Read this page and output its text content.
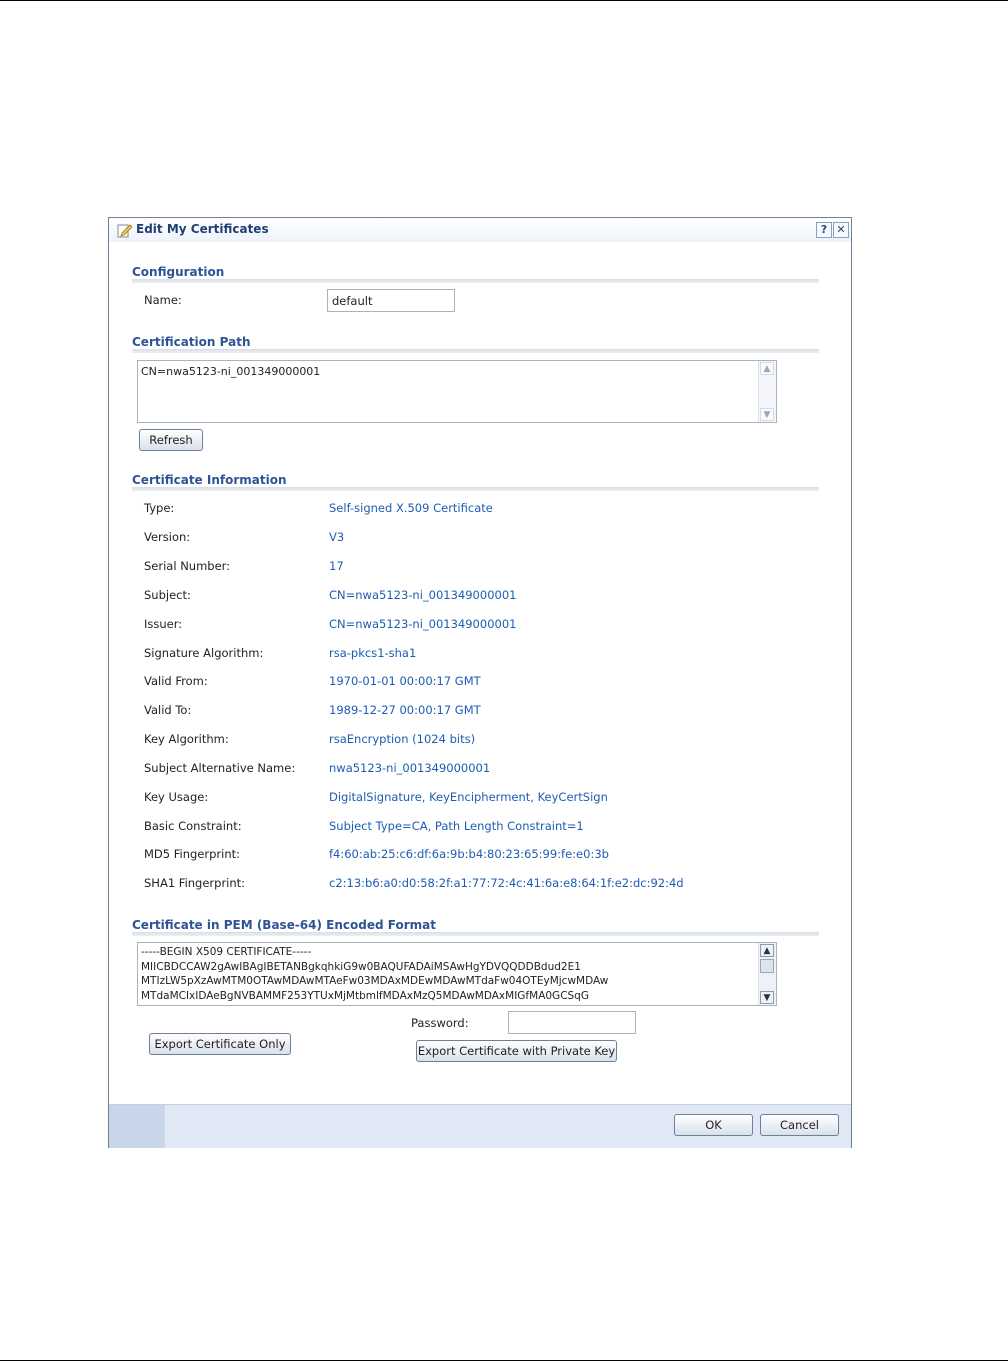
Edit My Certificates	? ✕
Configuration
Name:
default
Certification Path
CN=nwa5123-ni_001349000001	▲
▼
Refresh
Certificate Information
Type:	Self-signed X.509 Certificate
Version:	V3
Serial Number:	17
Subject:	CN=nwa5123-ni_001349000001
Issuer:	CN=nwa5123-ni_001349000001
Signature Algorithm:	rsa-pkcs1-sha1
Valid From:	1970-01-01 00:00:17 GMT
Valid To:	1989-12-27 00:00:17 GMT
Key Algorithm:	rsaEncryption (1024 bits)
Subject Alternative Name:	nwa5123-ni_001349000001
Key Usage:	DigitalSignature, KeyEncipherment, KeyCertSign
Basic Constraint:	Subject Type=CA, Path Length Constraint=1
MD5 Fingerprint:	f4:60:ab:25:c6:df:6a:9b:b4:80:23:65:99:fe:e0:3b
SHA1 Fingerprint:	c2:13:b6:a0:d0:58:2f:a1:77:72:4c:41:6a:e8:64:1f:e2:dc:92:4d
Certificate in PEM (Base-64) Encoded Format
-----BEGIN X509 CERTIFICATE-----
MIICBDCCAW2gAwIBAgIBETANBgkqhkiG9w0BAQUFADAiMSAwHgYDVQQDDBdud2E1
MTIzLW5pXzAwMTM0OTAwMDAwMTAeFw03MDAxMDEwMDAwMTdaFw04OTEyMjcwMDAw
MTdaMCIxIDAeBgNVBAMMF253YTUxMjMtbmlfMDAxMzQ5MDAwMDAxMIGfMA0GCSqG
▲
▼
Password:
Export Certificate Only	Export Certificate with Private Key
OK	Cancel
